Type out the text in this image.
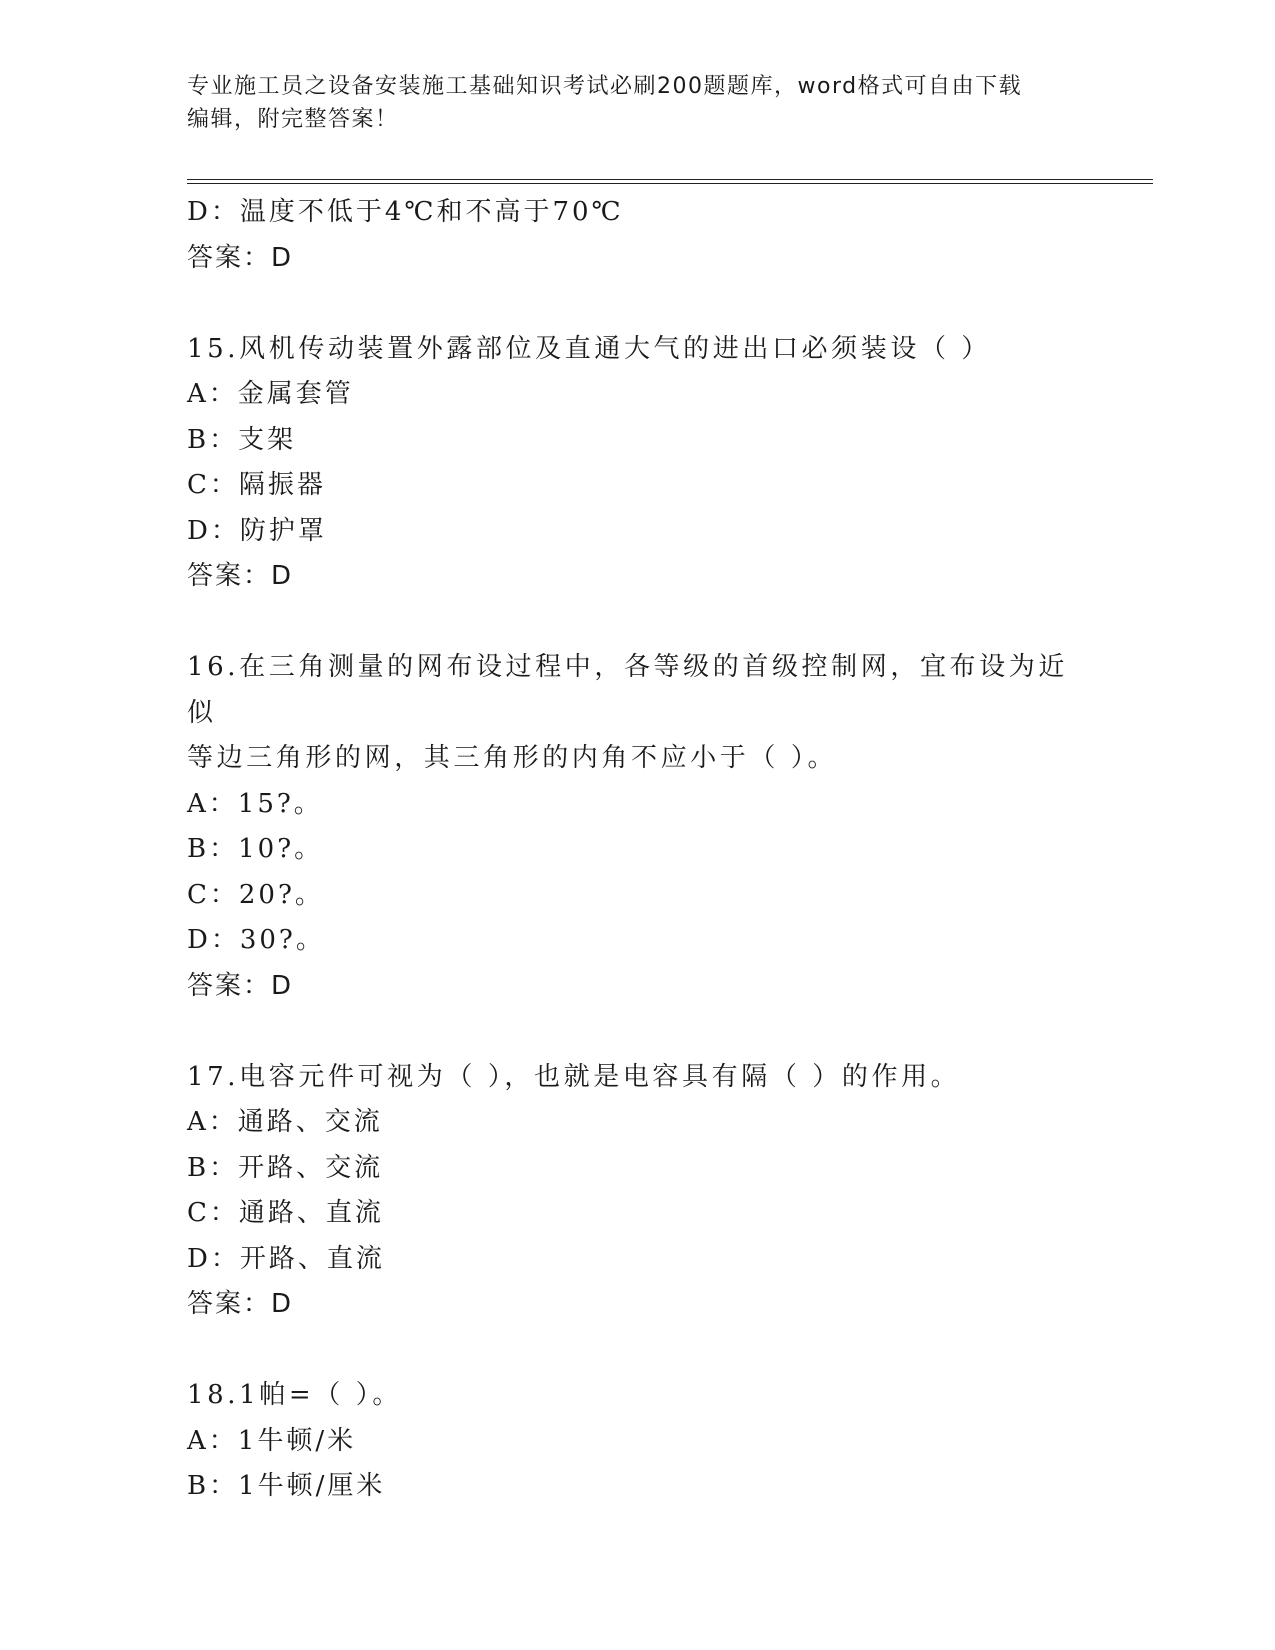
专业施工员之设备安装施工基础知识考试必刷200题题库，word格式可自由下载
编辑，附完整答案！
D：温度不低于4℃和不高于70℃
答案：D
15.风机传动装置外露部位及直通大气的进出口必须装设（ ）
A：金属套管
B：支架
C：隔振器
D：防护罩
答案：D
16.在三角测量的网布设过程中，各等级的首级控制网，宜布设为近似
等边三角形的网，其三角形的内角不应小于（ ）。
A：15?。
B：10?。
C：20?。
D：30?。
答案：D
17.电容元件可视为（ ），也就是电容具有隔（ ）的作用。
A：通路、交流
B：开路、交流
C：通路、直流
D：开路、直流
答案：D
18.1帕=（ ）。
A：1牛顿/米
B：1牛顿/厘米
